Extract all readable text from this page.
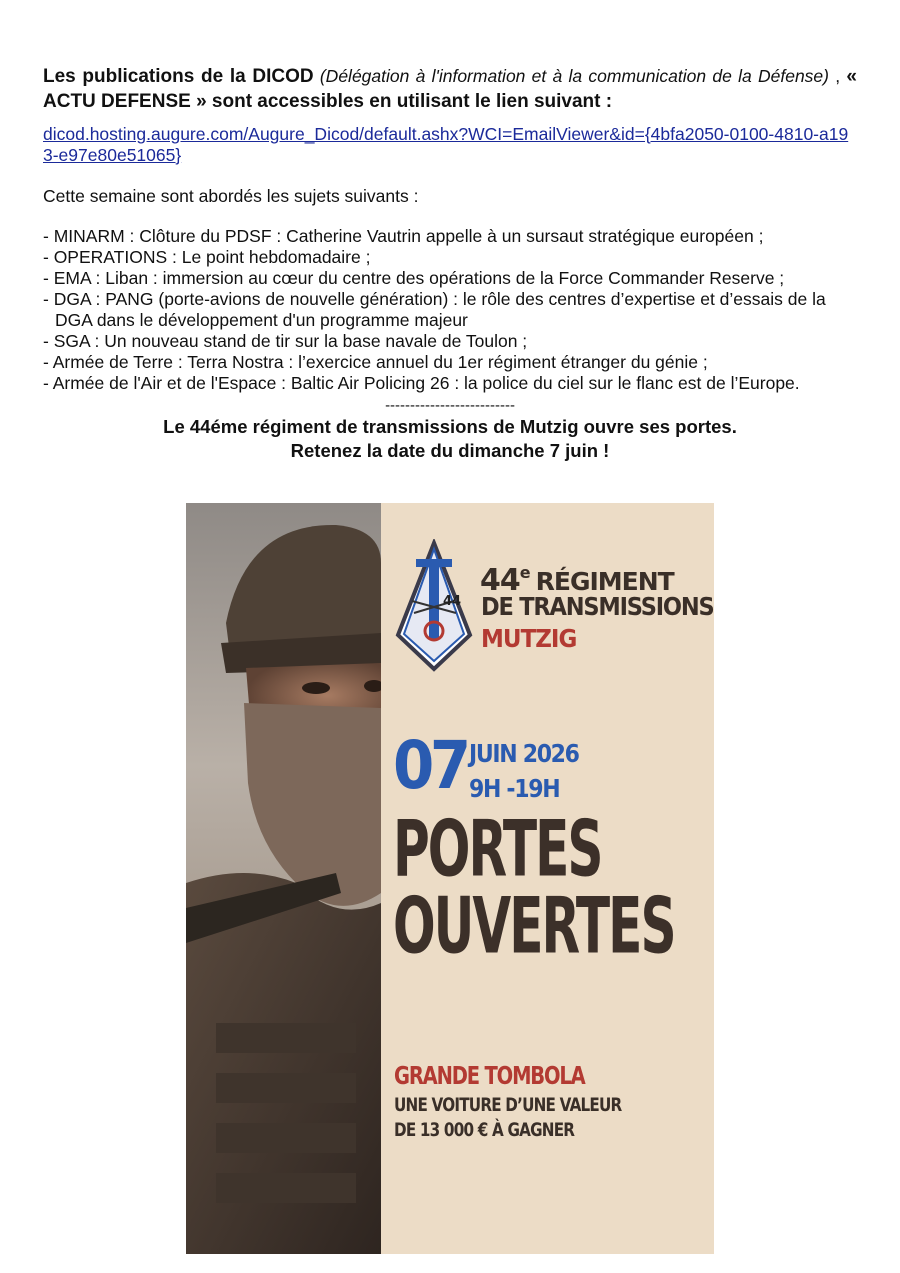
Les publications de la DICOD (Délégation à l'information et à la communication de la Défense) , « ACTU DEFENSE » sont accessibles en utilisant le lien suivant :

dicod.hosting.augure.com/Augure_Dicod/default.ashx?WCI=EmailViewer&id={4bfa2050-0100-4810-a193-e97e80e51065}

Cette semaine sont abordés les sujets suivants :

- MINARM : Clôture du PDSF : Catherine Vautrin appelle à un sursaut stratégique européen ;
- OPERATIONS : Le point hebdomadaire ;
- EMA : Liban : immersion au cœur du centre des opérations de la Force Commander Reserve ;
- DGA : PANG (porte-avions de nouvelle génération) : le rôle des centres d’expertise et d’essais de la DGA dans le développement d'un programme majeur
- SGA : Un nouveau stand de tir sur la base navale de Toulon ;
- Armée de Terre : Terra Nostra : l’exercice annuel du 1er régiment étranger du génie ;
- Armée de l'Air et de l'Espace : Baltic Air Policing 26 : la police du ciel sur le flanc est de l’Europe.
--------------------------
Le 44éme régiment de transmissions de Mutzig ouvre ses portes.
Retenez la date du dimanche 7 juin !
44
44e RÉGIMENT
DE TRANSMISSIONS
MUTZIG
07 JUIN 2026
9H -19H
PORTES
OUVERTES
GRANDE TOMBOLA
UNE VOITURE D’UNE VALEUR
DE 13 000 € À GAGNER
